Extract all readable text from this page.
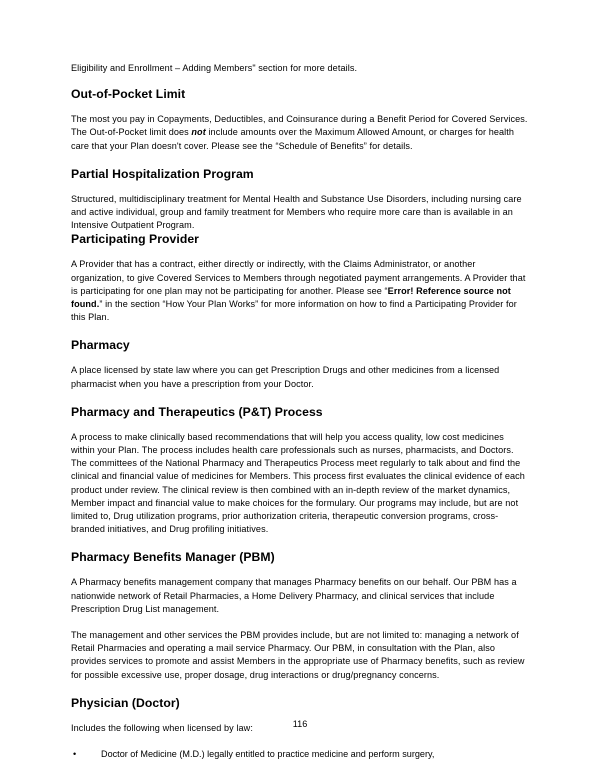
Eligibility and Enrollment – Adding Members" section for more details.

Out-of-Pocket Limit

The most you pay in Copayments, Deductibles, and Coinsurance during a Benefit Period for Covered Services. The Out-of-Pocket limit does not include amounts over the Maximum Allowed Amount, or charges for health care that your Plan doesn't cover. Please see the “Schedule of Benefits” for details.

Partial Hospitalization Program

Structured, multidisciplinary treatment for Mental Health and Substance Use Disorders, including nursing care and active individual, group and family treatment for Members who require more care than is available in an Intensive Outpatient Program.

Participating Provider

A Provider that has a contract, either directly or indirectly, with the Claims Administrator, or another organization, to give Covered Services to Members through negotiated payment arrangements. A Provider that is participating for one plan may not be participating for another. Please see “Error! Reference source not found.” in the section “How Your Plan Works” for more information on how to find a Participating Provider for this Plan.

Pharmacy

A place licensed by state law where you can get Prescription Drugs and other medicines from a licensed pharmacist when you have a prescription from your Doctor.

Pharmacy and Therapeutics (P&T) Process

A process to make clinically based recommendations that will help you access quality, low cost medicines within your Plan. The process includes health care professionals such as nurses, pharmacists, and Doctors. The committees of the National Pharmacy and Therapeutics Process meet regularly to talk about and find the clinical and financial value of medicines for Members. This process first evaluates the clinical evidence of each product under review. The clinical review is then combined with an in-depth review of the market dynamics, Member impact and financial value to make choices for the formulary. Our programs may include, but are not limited to, Drug utilization programs, prior authorization criteria, therapeutic conversion programs, cross-branded initiatives, and Drug profiling initiatives.

Pharmacy Benefits Manager (PBM)

A Pharmacy benefits management company that manages Pharmacy benefits on our behalf. Our PBM has a nationwide network of Retail Pharmacies, a Home Delivery Pharmacy, and clinical services that include Prescription Drug List management.

The management and other services the PBM provides include, but are not limited to: managing a network of Retail Pharmacies and operating a mail service Pharmacy. Our PBM, in consultation with the Plan, also provides services to promote and assist Members in the appropriate use of Pharmacy benefits, such as review for possible excessive use, proper dosage, drug interactions or drug/pregnancy concerns.

Physician (Doctor)

Includes the following when licensed by law:

•	Doctor of Medicine (M.D.) legally entitled to practice medicine and perform surgery,
116
